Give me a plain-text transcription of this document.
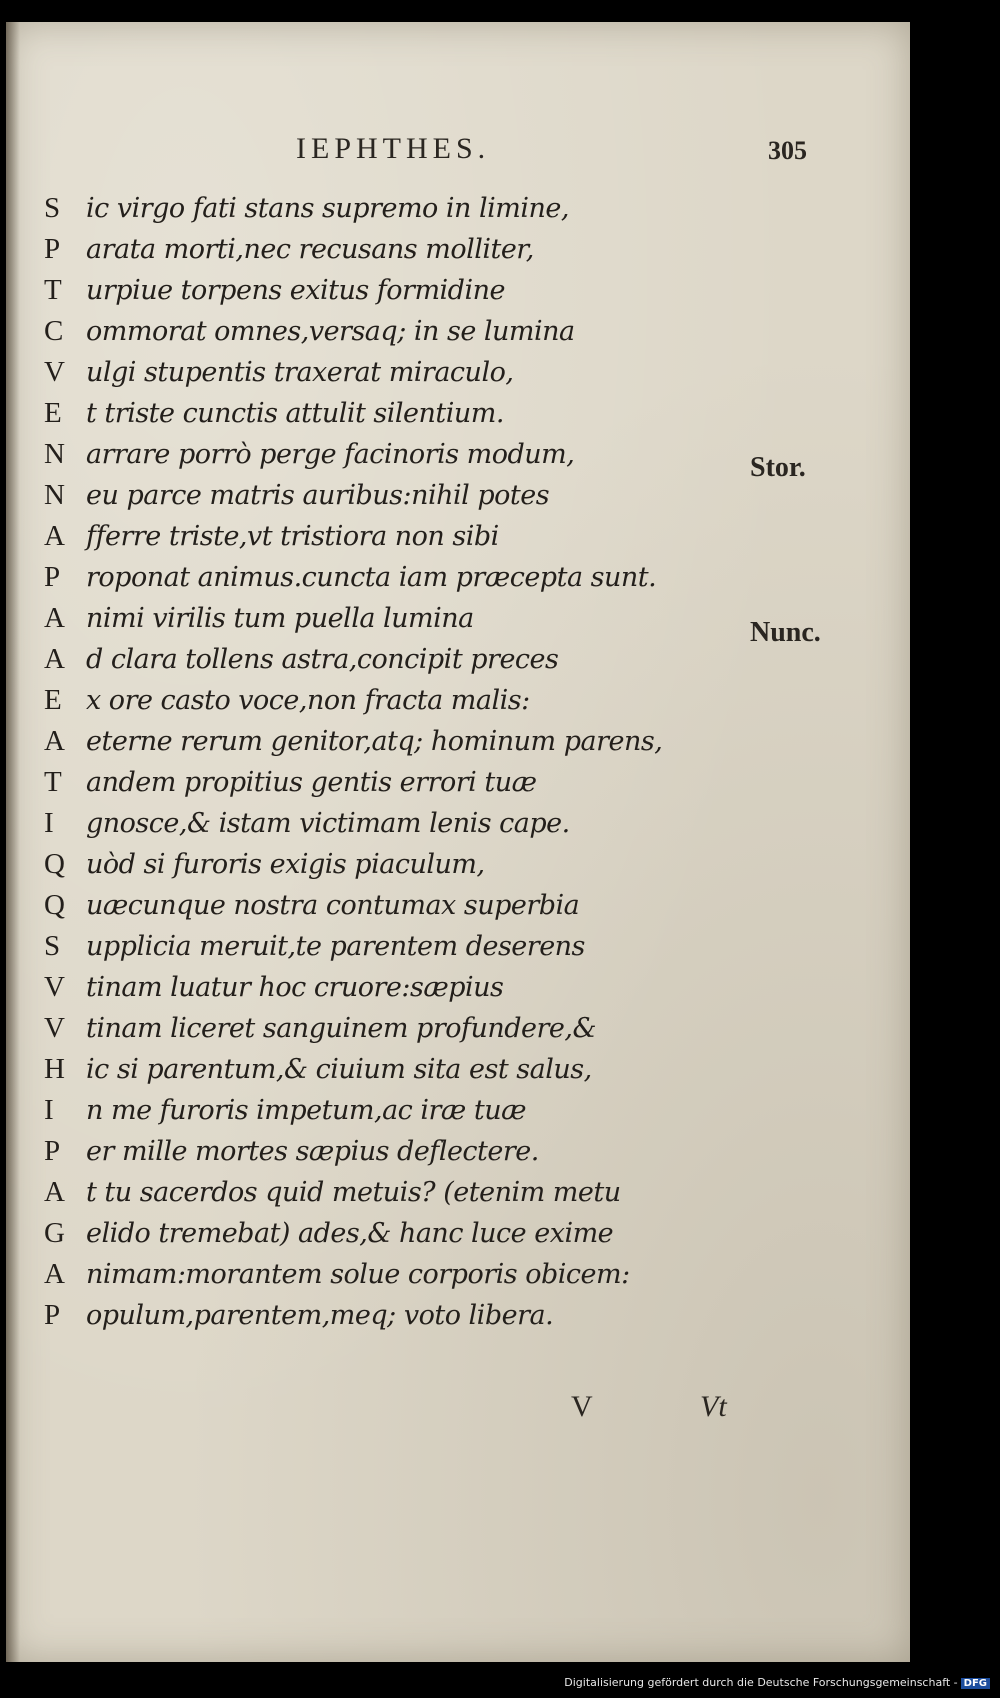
IEPHTHES.	305
S ic virgo fati stans supremo in limine,
P arata morti,nec recusans molliter,
T urpiue torpens exitus formidine
C ommorat omnes,versaq; in se lumina
V ulgi stupentis traxerat miraculo,
E t triste cunctis attulit silentium.
N arrare porrò perge facinoris modum,
N eu parce matris auribus:nihil potes
A fferre triste,vt tristiora non sibi
P roponat animus.cuncta iam præcepta sunt.
A nimi virilis tum puella lumina
A d clara tollens astra,concipit preces
E x ore casto voce,non fracta malis:
A eterne rerum genitor,atq; hominum parens,
T andem propitius gentis errori tuæ
I gnosce,& istam victimam lenis cape.
Q uòd si furoris exigis piaculum,
Q uæcunque nostra contumax superbia
S upplicia meruit,te parentem deserens
V tinam luatur hoc cruore:sæpius
V tinam liceret sanguinem profundere,&
H ic si parentum,& ciuium sita est salus,
I n me furoris impetum,ac iræ tuæ
P er mille mortes sæpius deflectere.
A t tu sacerdos quid metuis? (etenim metu
G elido tremebat) ades,& hanc luce exime
A nimam:morantem solue corporis obicem:
P opulum,parentem,meq; voto libera.
Stor.
Nunc.
V	Vt
Digitalisierung gefördert durch die Deutsche Forschungsgemeinschaft - DFG
